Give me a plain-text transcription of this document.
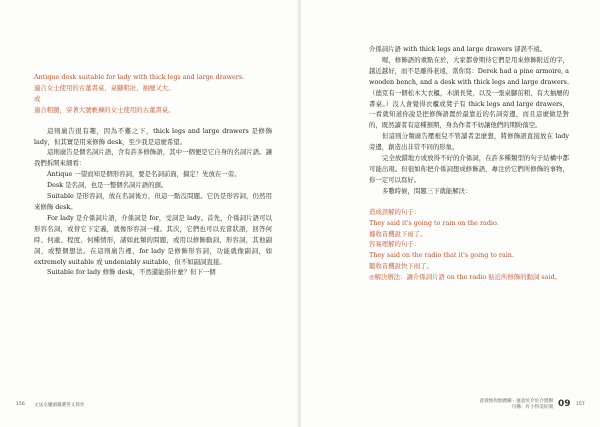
Antique desk suitable for lady with thick legs and large drawers.

適合女士使用的古董書桌，桌腳粗壯，抽屜又大。

或

適合粗腿，穿著大號褻褲的女士使用的古董書桌。

這則廣告很有趣，因為不難之下，thick legs and large drawers 是修飾 lady，但其實是用來修飾 desk，至少我是這麼希望。

這則廣告是個名詞片語，含有許多修飾語，其中一個便是它自身的名詞片語。讓我們拆開來細看：

Antique 一望而知是個形容詞，要是名詞前面，搞定！先放在一旁。

Desk 是名詞，也是一整個名詞片語的頭。

Suitable 是形容詞，放在名詞後方，但這一點沒問題。它仍是形容詞，仍然用來修飾 desk。

For lady 是介係詞片語，介係詞是 for，受詞是 lady。首先，介係詞片語可以形容名詞，或替它下定義，就像形容詞一樣。其次，它們也可以充當狀語，回答何時、何處、程度、何種情形，諸如此類的問題，或用以修飾動詞、形容詞，其他副詞，或整個想法。在這則廣告裡，for lady 是修飾形容詞，功能就像副詞，如 extremely suitable 或 undeniably suitable，但不如副詞直接。

Suitable for lady 修飾 desk，不然還能指什麼？但下一個

156 文法女魔頭嚴選英文寫作

介係詞片語 with thick legs and large drawers 卻誤不遠。

喔，修飾語的重點在於，大家都會期待它們是用來修飾附近的字，越近越好，而不是離得老遠，當你寫：Derek had a pine armoire, a wooden bench, and a desk with thick legs and large drawers.（德克有一個松木大衣櫃，木頭長凳，以及一張桌腳茁粗、有大抽屜的書桌。）沒人會覺得衣櫃或凳子有 thick legs and large drawers，一看就知道你說是把修飾語置於最靠近的名詞旁邊，而且這麼做是對的，既然讀者有這種預期，身為作者不妨讓他們的期盼落空。

但這則分類廣告壓根兒不管讀者怎麼想，將修飾語直接放在 lady 旁邊，創造出非常不同的形象。

完全放錯地方或放得不好的介係詞，在許多種類型的句子結構中都可能出現。但很如你把介係詞想成修飾語，專注於它們所修飾的事物，你一定可以寫好。

多數時候，問題三下就能解決：

造成誤解的句子：

They said it's going to rain on the radio.

據收音機說下雨了。

容易理解的句子：

They said on the radio that it's going to rain.

聽收音機說快下雨了。

◎解決辦法：讓介係詞片語 on the radio 貼近所修飾的動詞 said。

意義無拘無踴躍・運意於介於介曇樹
句構：有小得美好開 09 157
